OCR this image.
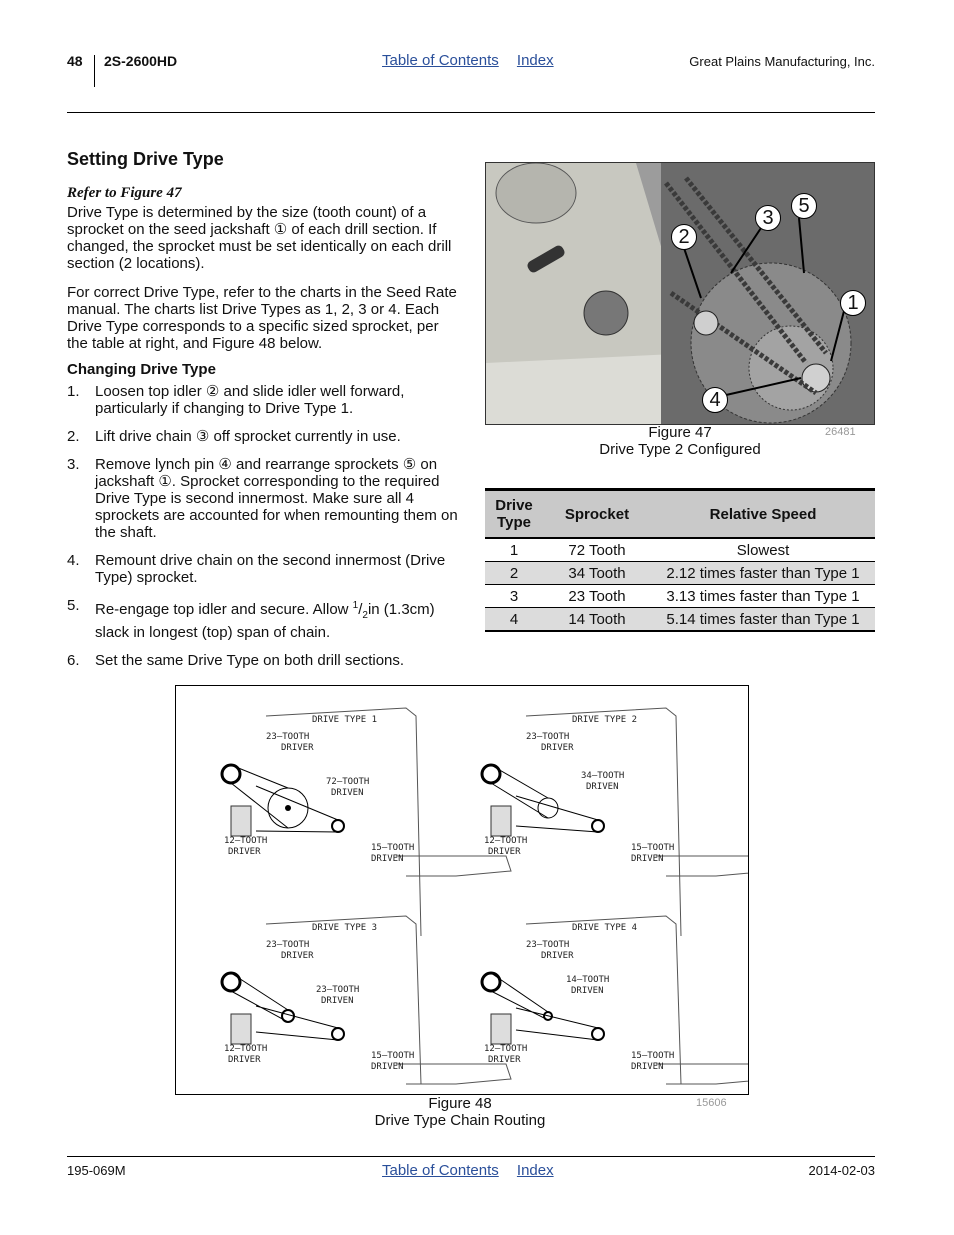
48 2S-2600HD	Table of Contents Index	Great Plains Manufacturing, Inc.
Setting Drive Type
Refer to Figure 47
Drive Type is determined by the size (tooth count) of a sprocket on the seed jackshaft ① of each drill section. If changed, the sprocket must be set identically on each drill section (2 locations).
For correct Drive Type, refer to the charts in the Seed Rate manual. The charts list Drive Types as 1, 2, 3 or 4. Each Drive Type corresponds to a specific sized sprocket, per the table at right, and Figure 48 below.
Changing Drive Type
1.	Loosen top idler ② and slide idler well forward, particularly if changing to Drive Type 1.
2.	Lift drive chain ③ off sprocket currently in use.
3.	Remove lynch pin ④ and rearrange sprockets ⑤ on jackshaft ①. Sprocket corresponding to the required Drive Type is second innermost. Make sure all 4 sprockets are accounted for when remounting them on the shaft.
4.	Remount drive chain on the second innermost (Drive Type) sprocket.
5.	Re-engage top idler and secure. Allow $^1/_2in$ (1.3cm) slack in longest (top) span of chain.
6.	Set the same Drive Type on both drill sections.
2
3
5
1
4
Figure 47
Drive Type 2 Configured
26481
Drive Type	Sprocket	Relative Speed
1	72 Tooth	Slowest
2	34 Tooth	2.12 times faster than Type 1
3	23 Tooth	3.13 times faster than Type 1
4	14 Tooth	5.14 times faster than Type 1
DRIVE TYPE 1
23–TOOTH
DRIVER
72–TOOTH
DRIVEN
12–TOOTH
DRIVER	15–TOOTH
DRIVEN
DRIVE TYPE 2
23–TOOTH
DRIVER
34–TOOTH
DRIVEN
12–TOOTH
DRIVER	15–TOOTH
DRIVEN
DRIVE TYPE 3
23–TOOTH
DRIVER
23–TOOTH
DRIVEN
12–TOOTH
DRIVER	15–TOOTH
DRIVEN
DRIVE TYPE 4
23–TOOTH
DRIVER
14–TOOTH
DRIVEN
12–TOOTH
DRIVER	15–TOOTH
DRIVEN
Figure 48
Drive Type Chain Routing
15606
195-069M	Table of Contents Index	2014-02-03
